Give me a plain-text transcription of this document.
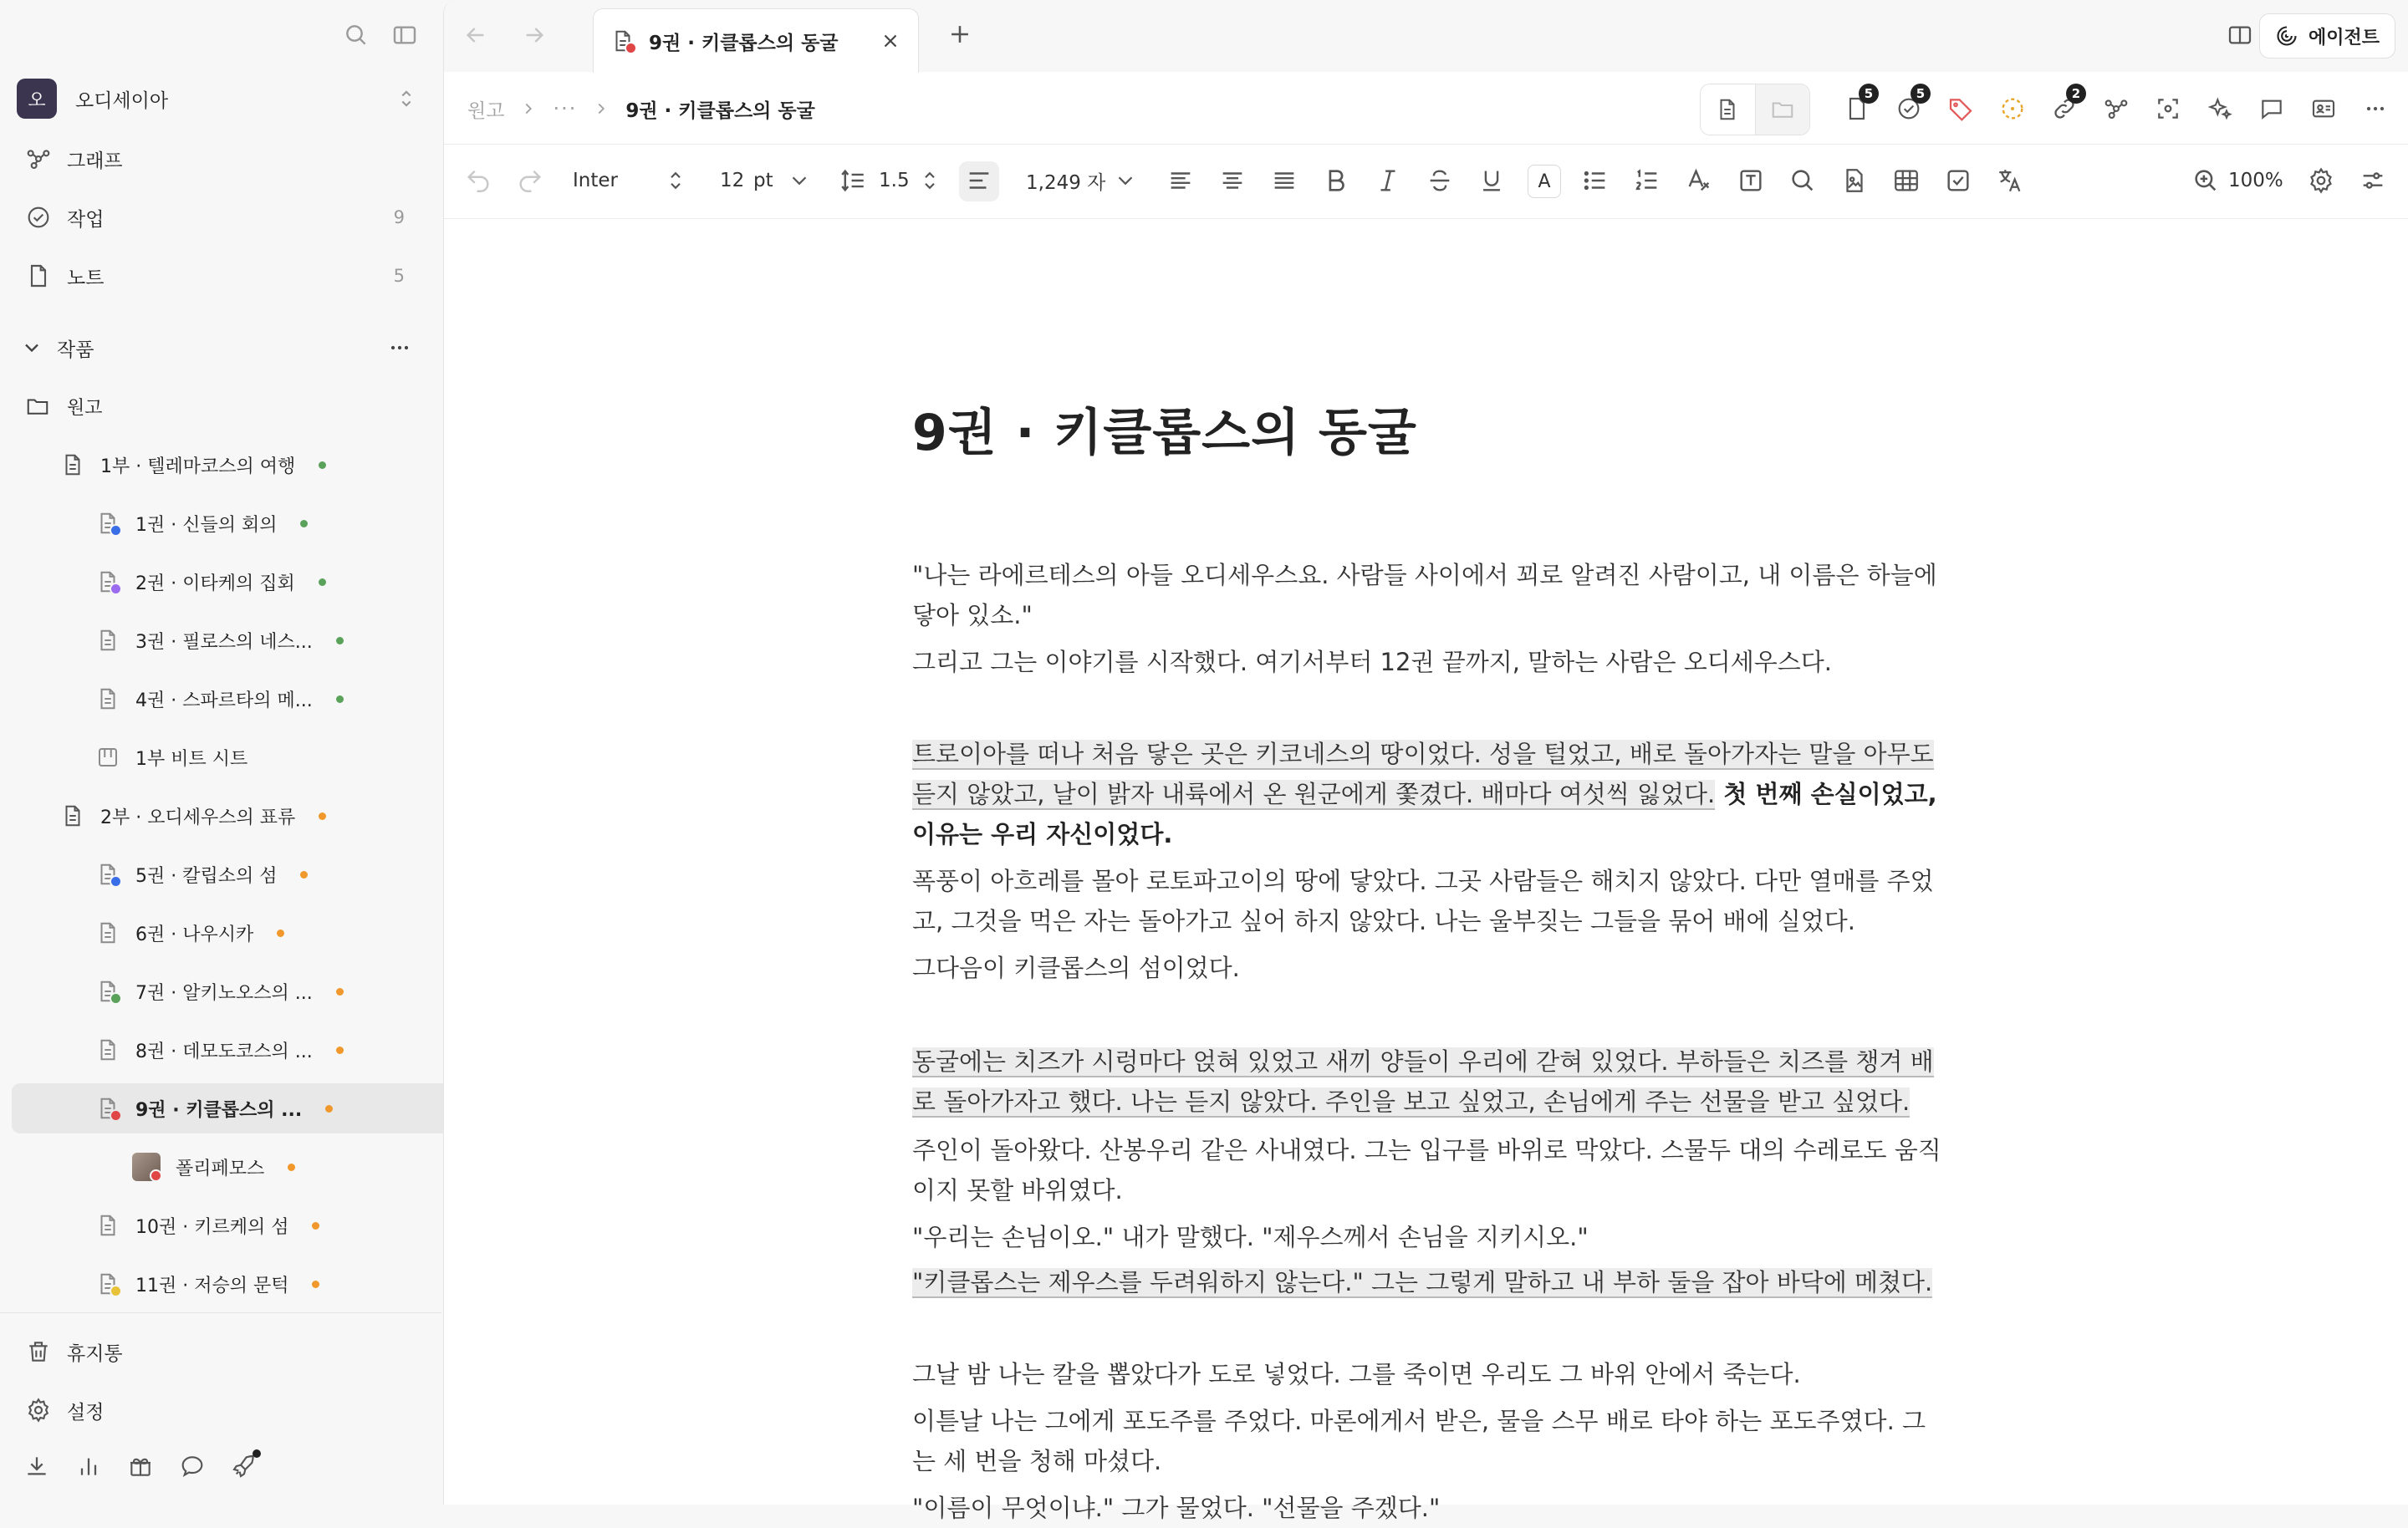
오	오디세이아
그래프
작업	9
노트	5
작품
원고
1부 · 텔레마코스의 여행
1권 · 신들의 회의
2권 · 이타케의 집회
3권 · 필로스의 네스...
4권 · 스파르타의 메...
1부 비트 시트
2부 · 오디세우스의 표류
5권 · 칼립소의 섬
6권 · 나우시카
7권 · 알키노오스의 ...
8권 · 데모도코스의 ...
9권 · 키클롭스의 ...
폴리페모스
10권 · 키르케의 섬
11권 · 저승의 문턱
휴지통
설정
9권 · 키클롭스의 동굴	에이전트
원고 ···	9권 · 키클롭스의 동굴
5	5	2
Inter	12 pt	1.5	1,249 자	A	100%
9권 · 키클롭스의 동굴
"나는 라에르테스의 아들 오디세우스요. 사람들 사이에서 꾀로 알려진 사람이고, 내 이름은 하늘에 닿아 있소."
그리고 그는 이야기를 시작했다. 여기서부터 12권 끝까지, 말하는 사람은 오디세우스다.
트로이아를 떠나 처음 닿은 곳은 키코네스의 땅이었다. 성을 털었고, 배로 돌아가자는 말을 아무도 듣지 않았고, 날이 밝자 내륙에서 온 원군에게 쫓겼다. 배마다 여섯씩 잃었다. 첫 번째 손실이었고, 이유는 우리 자신이었다.
폭풍이 아흐레를 몰아 로토파고이의 땅에 닿았다. 그곳 사람들은 해치지 않았다. 다만 열매를 주었고, 그것을 먹은 자는 돌아가고 싶어 하지 않았다. 나는 울부짖는 그들을 묶어 배에 실었다.
그다음이 키클롭스의 섬이었다.
동굴에는 치즈가 시렁마다 얹혀 있었고 새끼 양들이 우리에 갇혀 있었다. 부하들은 치즈를 챙겨 배로 돌아가자고 했다. 나는 듣지 않았다. 주인을 보고 싶었고, 손님에게 주는 선물을 받고 싶었다.
주인이 돌아왔다. 산봉우리 같은 사내였다. 그는 입구를 바위로 막았다. 스물두 대의 수레로도 움직이지 못할 바위였다.
"우리는 손님이오." 내가 말했다. "제우스께서 손님을 지키시오."
"키클롭스는 제우스를 두려워하지 않는다." 그는 그렇게 말하고 내 부하 둘을 잡아 바닥에 메쳤다.
그날 밤 나는 칼을 뽑았다가 도로 넣었다. 그를 죽이면 우리도 그 바위 안에서 죽는다.
이튿날 나는 그에게 포도주를 주었다. 마론에게서 받은, 물을 스무 배로 타야 하는 포도주였다. 그는 세 번을 청해 마셨다.
"이름이 무엇이냐." 그가 물었다. "선물을 주겠다."
